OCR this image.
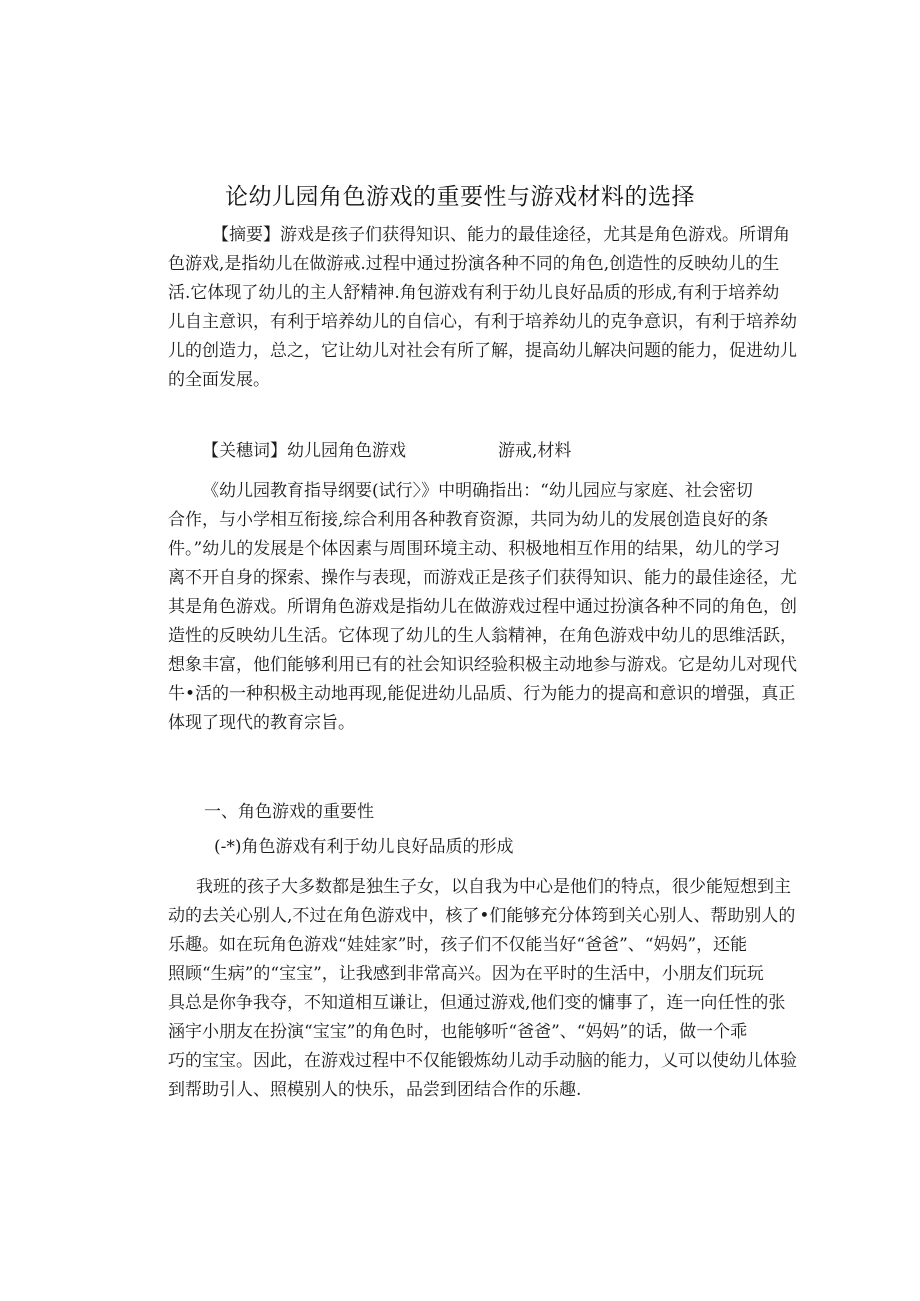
论幼儿园角色游戏的重要性与游戏材料的选择
【摘要】游戏是孩子们获得知识、能力的最佳途径，尤其是角色游戏。所谓角
色游戏,是指幼儿在做游戒.过程中通过扮演各种不同的角色,创造性的反映幼儿的生
活.它体现了幼儿的主人舒精神.角包游戏有利于幼儿良好品质的形成,有利于培养幼
儿自主意识，有利于培养幼儿的自信心，有利于培养幼儿的克争意识，有利于培养幼
儿的创造力，总之，它让幼儿对社会有所了解，提高幼儿解决问题的能力，促进幼儿
的全面发展。
【关穗词】幼儿园角色游戏	游戒,材料
《幼儿园教育指导纲要(试行〉》中明确指出：“幼儿园应与家庭、社会密切
合作，与小学相互衔接,综合利用各种教育资源，共同为幼儿的发展创造良好的条
件。”幼儿的发展是个体因素与周围环境主动、积极地相互作用的结果，幼儿的学习
离不开自身的探索、操作与表现，而游戏正是孩子们获得知识、能力的最佳途径，尤
其是角色游戏。所谓角色游戏是指幼儿在做游戏过程中通过扮演各种不同的角色，创
造性的反映幼儿生活。它体现了幼儿的生人翁精神，在角色游戏中幼儿的思维活跃，
想象丰富，他们能够利用已有的社会知识经验积极主动地参与游戏。它是幼儿对现代
牛•活的一种积极主动地再现,能促进幼儿品质、行为能力的提高和意识的增强，真正
体现了现代的教育宗旨。
一、角色游戏的重要性
(-*)角色游戏有利于幼儿良好品质的形成
我班的孩子大多数都是独生子女，以自我为中心是他们的特点，很少能短想到主
动的去关心别人,不过在角色游戏中，核了•们能够充分体筠到关心别人、帮助别人的
乐趣。如在玩角色游戏“娃娃家”时，孩子们不仅能当好“爸爸”、“妈妈”，还能
照顾“生病”的“宝宝”，让我感到非常高兴。因为在平时的生活中，小朋友们玩玩
具总是你争我夺，不知道相互谦让，但通过游戏,他们变的慵事了，连一向任性的张
涵宇小朋友在扮演“宝宝”的角色时，也能够听“爸爸”、“妈妈”的话，做一个乖
巧的宝宝。因此，在游戏过程中不仅能锻炼幼儿动手动脑的能力，乂可以使幼儿体验
到帮助引人、照模别人的快乐，品尝到团结合作的乐趣.
